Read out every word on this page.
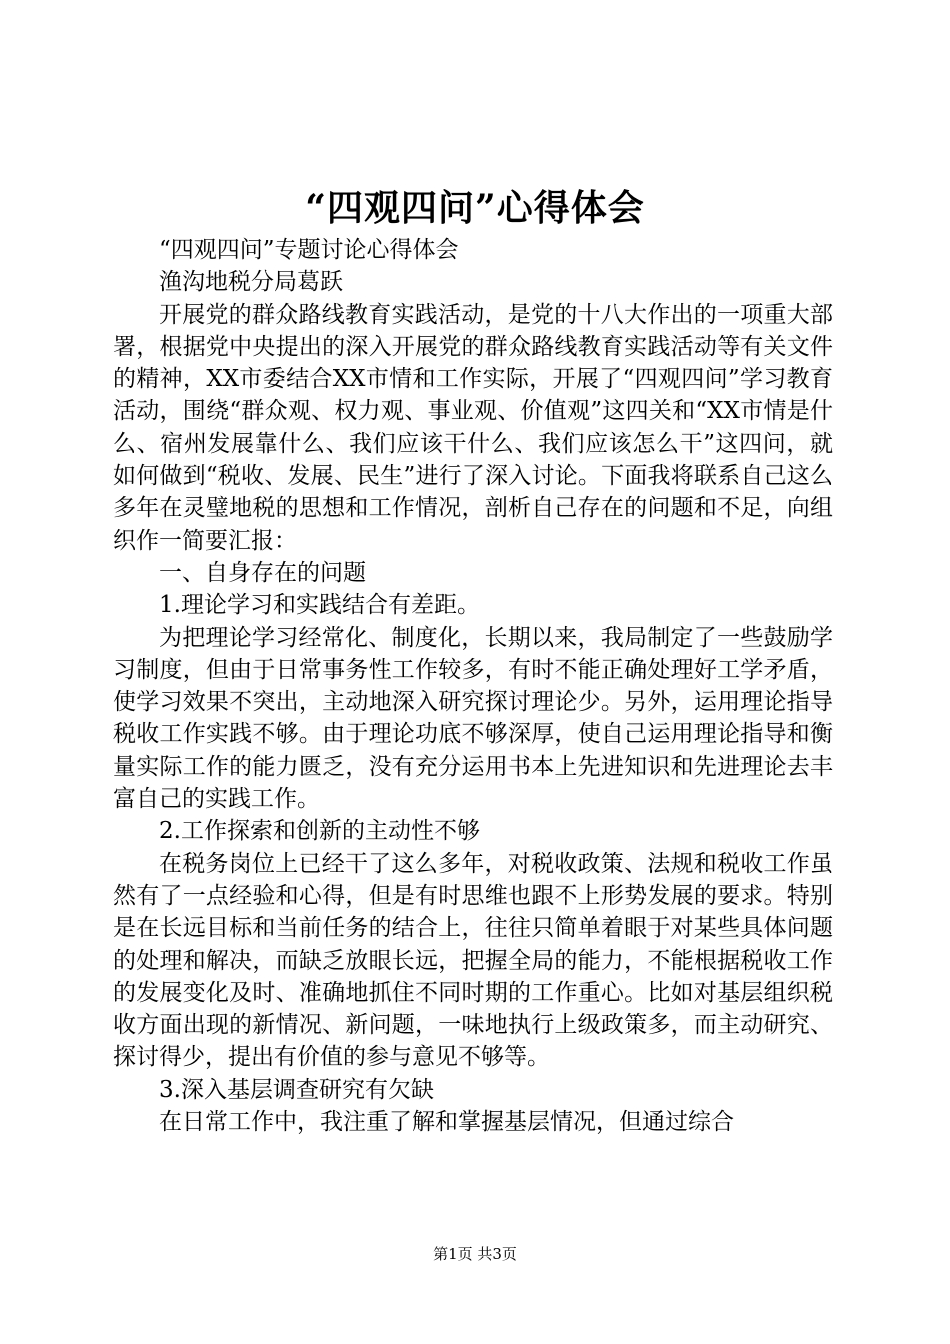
“四观四问”心得体会

“四观四问”专题讨论心得体会

渔沟地税分局葛跃

开展党的群众路线教育实践活动，是党的十八大作出的一项重大部署，根据党中央提出的深入开展党的群众路线教育实践活动等有关文件的精神，XX市委结合XX市情和工作实际，开展了“四观四问”学习教育活动，围绕“群众观、权力观、事业观、价值观”这四关和“XX市情是什么、宿州发展靠什么、我们应该干什么、我们应该怎么干”这四问，就如何做到“税收、发展、民生”进行了深入讨论。下面我将联系自己这么多年在灵璧地税的思想和工作情况，剖析自己存在的问题和不足，向组织作一简要汇报：

一、自身存在的问题

1.理论学习和实践结合有差距。

为把理论学习经常化、制度化，长期以来，我局制定了一些鼓励学习制度，但由于日常事务性工作较多，有时不能正确处理好工学矛盾，使学习效果不突出，主动地深入研究探讨理论少。另外，运用理论指导税收工作实践不够。由于理论功底不够深厚，使自己运用理论指导和衡量实际工作的能力匮乏，没有充分运用书本上先进知识和先进理论去丰富自己的实践工作。

2.工作探索和创新的主动性不够

在税务岗位上已经干了这么多年，对税收政策、法规和税收工作虽然有了一点经验和心得，但是有时思维也跟不上形势发展的要求。特别是在长远目标和当前任务的结合上，往往只简单着眼于对某些具体问题的处理和解决，而缺乏放眼长远，把握全局的能力，不能根据税收工作的发展变化及时、准确地抓住不同时期的工作重心。比如对基层组织税收方面出现的新情况、新问题，一味地执行上级政策多，而主动研究、探讨得少，提出有价值的参与意见不够等。

3.深入基层调查研究有欠缺

在日常工作中，我注重了解和掌握基层情况，但通过综合

第1页 共3页
